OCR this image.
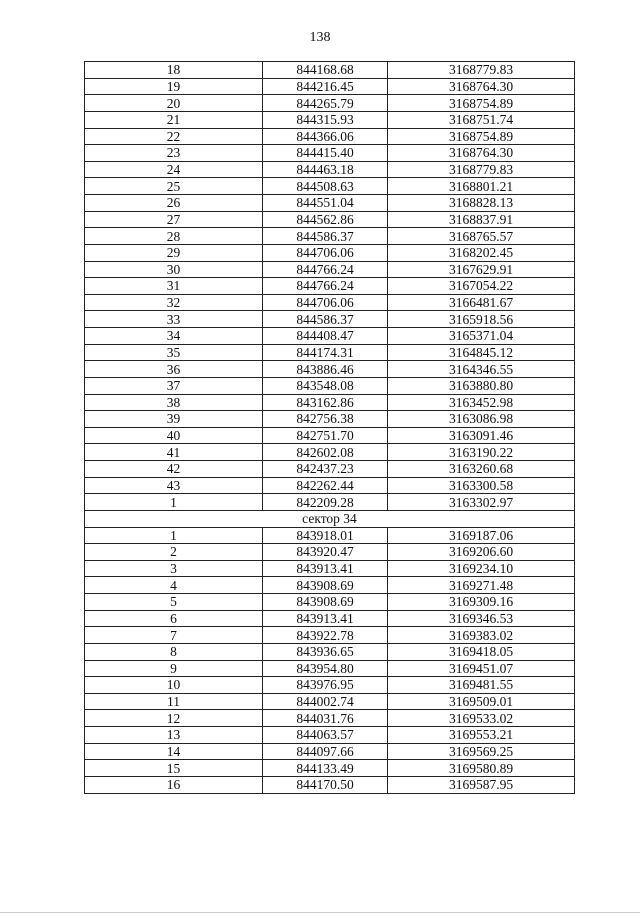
138
18	844168.68	3168779.83
19	844216.45	3168764.30
20	844265.79	3168754.89
21	844315.93	3168751.74
22	844366.06	3168754.89
23	844415.40	3168764.30
24	844463.18	3168779.83
25	844508.63	3168801.21
26	844551.04	3168828.13
27	844562.86	3168837.91
28	844586.37	3168765.57
29	844706.06	3168202.45
30	844766.24	3167629.91
31	844766.24	3167054.22
32	844706.06	3166481.67
33	844586.37	3165918.56
34	844408.47	3165371.04
35	844174.31	3164845.12
36	843886.46	3164346.55
37	843548.08	3163880.80
38	843162.86	3163452.98
39	842756.38	3163086.98
40	842751.70	3163091.46
41	842602.08	3163190.22
42	842437.23	3163260.68
43	842262.44	3163300.58
1	842209.28	3163302.97
сектор 34		
1	843918.01	3169187.06
2	843920.47	3169206.60
3	843913.41	3169234.10
4	843908.69	3169271.48
5	843908.69	3169309.16
6	843913.41	3169346.53
7	843922.78	3169383.02
8	843936.65	3169418.05
9	843954.80	3169451.07
10	843976.95	3169481.55
11	844002.74	3169509.01
12	844031.76	3169533.02
13	844063.57	3169553.21
14	844097.66	3169569.25
15	844133.49	3169580.89
16	844170.50	3169587.95
